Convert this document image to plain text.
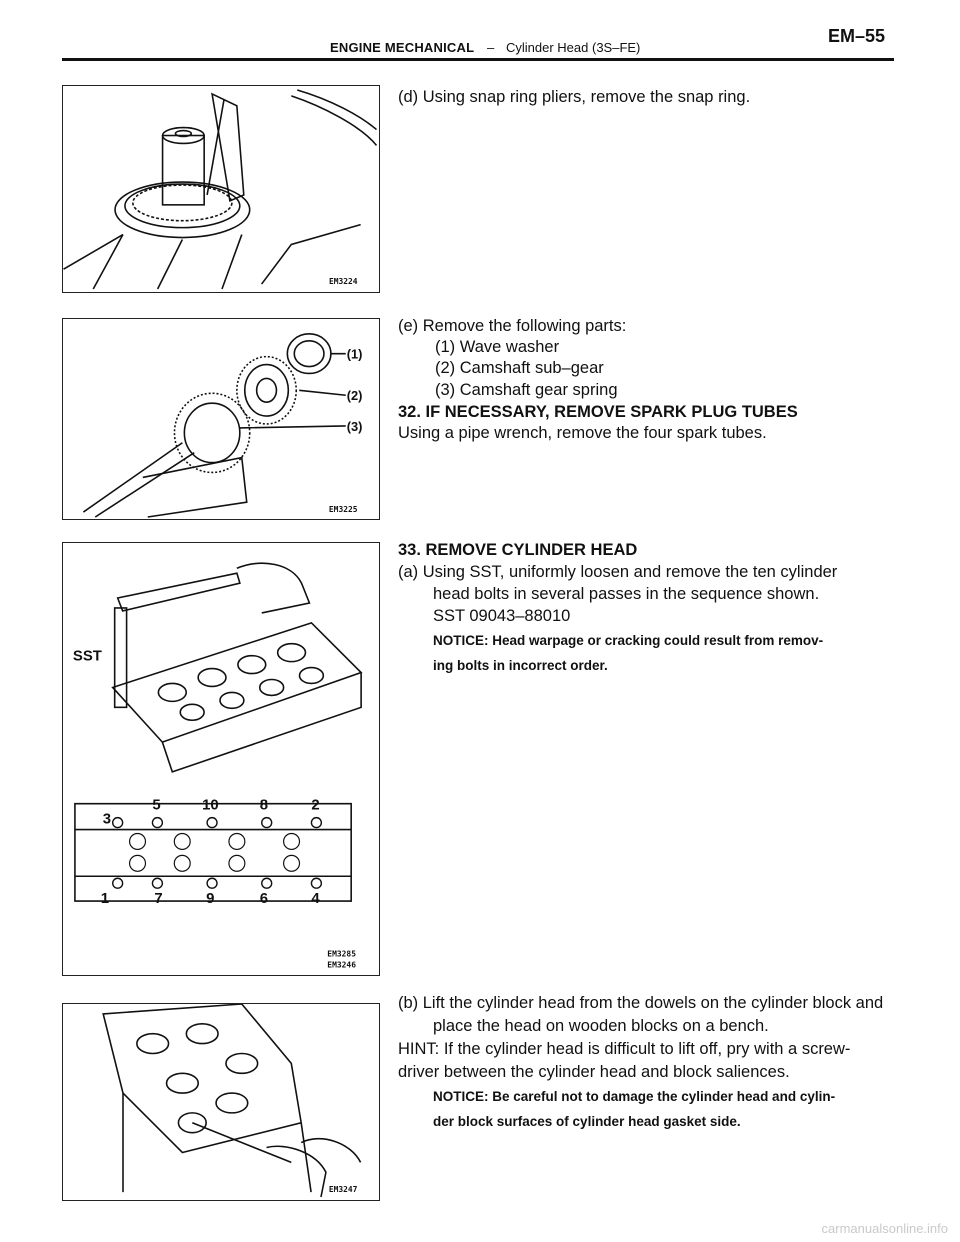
ENGINE MECHANICAL – Cylinder Head (3S–FE)
EM–55
EM3224
(1)
(2)
(3)
EM3225
SST
3
5	10	8	2
1	7	9	6	4
EM3285
EM3246
EM3247
(d) Using snap ring pliers, remove the snap ring.
(e) Remove the following parts:
(1) Wave washer
(2) Camshaft sub–gear
(3) Camshaft gear spring
32. IF NECESSARY, REMOVE SPARK PLUG TUBES
Using a pipe wrench, remove the four spark tubes.
33. REMOVE CYLINDER HEAD
(a) Using SST, uniformly loosen and remove the ten cylinder
head bolts in several passes in the sequence shown.
SST 09043–88010
NOTICE: Head warpage or cracking could result from remov-
ing bolts in incorrect order.
(b) Lift the cylinder head from the dowels on the cylinder block and
place the head on wooden blocks on a bench.
HINT: If the cylinder head is difficult to lift off, pry with a screw-
driver between the cylinder head and block saliences.
NOTICE: Be careful not to damage the cylinder head and cylin-
der block surfaces of cylinder head gasket side.
carmanualsonline.info
